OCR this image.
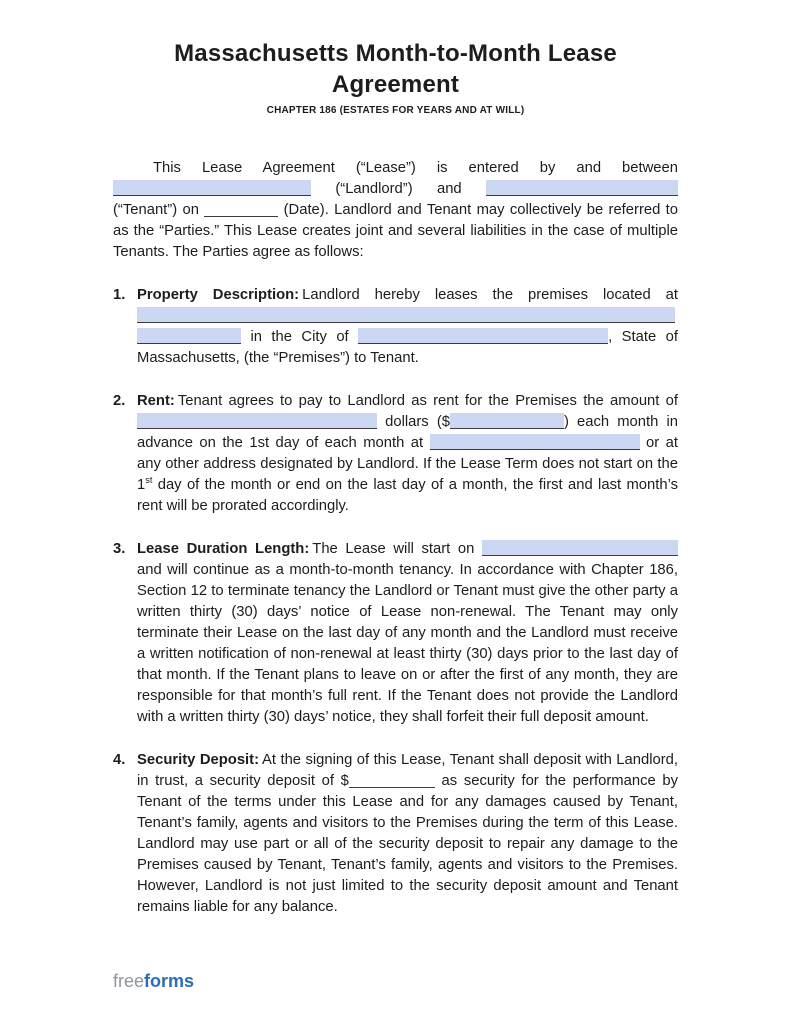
Massachusetts Month-to-Month Lease Agreement
CHAPTER 186 (ESTATES FOR YEARS AND AT WILL)

This Lease Agreement (“Lease”) is entered by and between  (“Landlord”) and  (“Tenant”) on	(Date). Landlord and Tenant may collectively be referred to as the “Parties.” This Lease creates joint and several liabilities in the case of multiple Tenants. The Parties agree as follows:

1. Property Description: Landlord hereby leases the premises located at   in the City of	, State of Massachusetts, (the “Premises”) to Tenant.
2. Rent: Tenant agrees to pay to Landlord as rent for the Premises the amount of  dollars ($	) each month in advance on the 1st day of each month at	or at any other address designated by Landlord. If the Lease Term does not start on the 1st day of the month or end on the last day of a month, the first and last month’s rent will be prorated accordingly.
3. Lease Duration Length: The Lease will start on  and will continue as a month-to-month tenancy. In accordance with Chapter 186, Section 12 to terminate tenancy the Landlord or Tenant must give the other party a written thirty (30) days’ notice of Lease non-renewal. The Tenant may only terminate their Lease on the last day of any month and the Landlord must receive a written notification of non-renewal at least thirty (30) days prior to the last day of that month. If the Tenant plans to leave on or after the first of any month, they are responsible for that month’s full rent. If the Tenant does not provide the Landlord with a written thirty (30) days’ notice, they shall forfeit their full deposit amount.
4. Security Deposit: At the signing of this Lease, Tenant shall deposit with Landlord, in trust, a security deposit of $	as security for the performance by Tenant of the terms under this Lease and for any damages caused by Tenant, Tenant’s family, agents and visitors to the Premises during the term of this Lease. Landlord may use part or all of the security deposit to repair any damage to the Premises caused by Tenant, Tenant’s family, agents and visitors to the Premises. However, Landlord is not just limited to the security deposit amount and Tenant remains liable for any balance.
freeforms
